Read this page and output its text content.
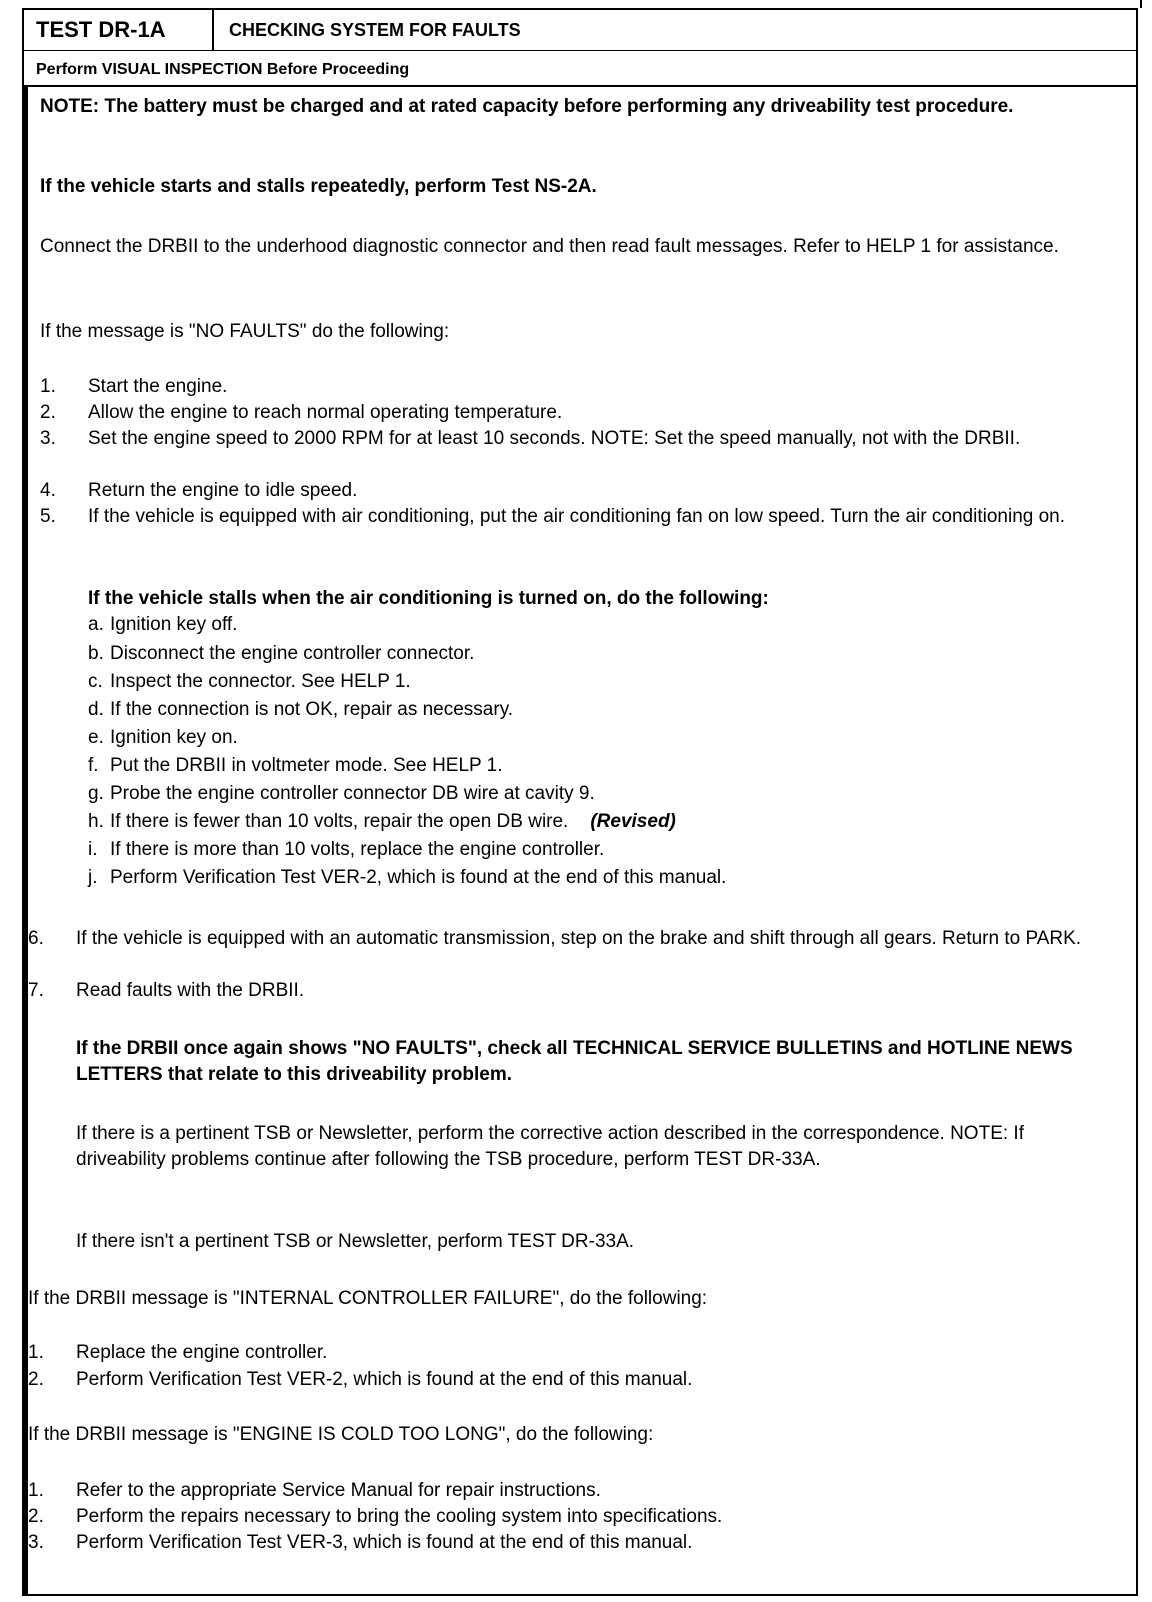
TEST DR-1A	CHECKING SYSTEM FOR FAULTS
Perform VISUAL INSPECTION Before Proceeding

NOTE: The battery must be charged and at rated capacity before performing any driveability test procedure.

If the vehicle starts and stalls repeatedly, perform Test NS-2A.

Connect the DRBII to the underhood diagnostic connector and then read fault messages. Refer to HELP 1 for assistance.

If the message is "NO FAULTS" do the following:

1.	Start the engine.
2.	Allow the engine to reach normal operating temperature.
3.	Set the engine speed to 2000 RPM for at least 10 seconds. NOTE: Set the speed manually, not with the DRBII.
4.	Return the engine to idle speed.
5.	If the vehicle is equipped with air conditioning, put the air conditioning fan on low speed. Turn the air conditioning on.

If the vehicle stalls when the air conditioning is turned on, do the following:

a. Ignition key off.
b. Disconnect the engine controller connector.
c. Inspect the connector. See HELP 1.
d. If the connection is not OK, repair as necessary.
e. Ignition key on.
f. Put the DRBII in voltmeter mode. See HELP 1.
g. Probe the engine controller connector DB wire at cavity 9.
h. If there is fewer than 10 volts, repair the open DB wire. (Revised)
i. If there is more than 10 volts, replace the engine controller.
j. Perform Verification Test VER-2, which is found at the end of this manual.
6.	If the vehicle is equipped with an automatic transmission, step on the brake and shift through all gears. Return to PARK.
7.	Read faults with the DRBII.

If the DRBII once again shows "NO FAULTS", check all TECHNICAL SERVICE BULLETINS and HOTLINE NEWS LETTERS that relate to this driveability problem.

If there is a pertinent TSB or Newsletter, perform the corrective action described in the correspondence. NOTE: If driveability problems continue after following the TSB procedure, perform TEST DR-33A.

If there isn't a pertinent TSB or Newsletter, perform TEST DR-33A.

If the DRBII message is "INTERNAL CONTROLLER FAILURE", do the following:

1.	Replace the engine controller.
2.	Perform Verification Test VER-2, which is found at the end of this manual.

If the DRBII message is "ENGINE IS COLD TOO LONG", do the following:

1.	Refer to the appropriate Service Manual for repair instructions.
2.	Perform the repairs necessary to bring the cooling system into specifications.
3.	Perform Verification Test VER-3, which is found at the end of this manual.
